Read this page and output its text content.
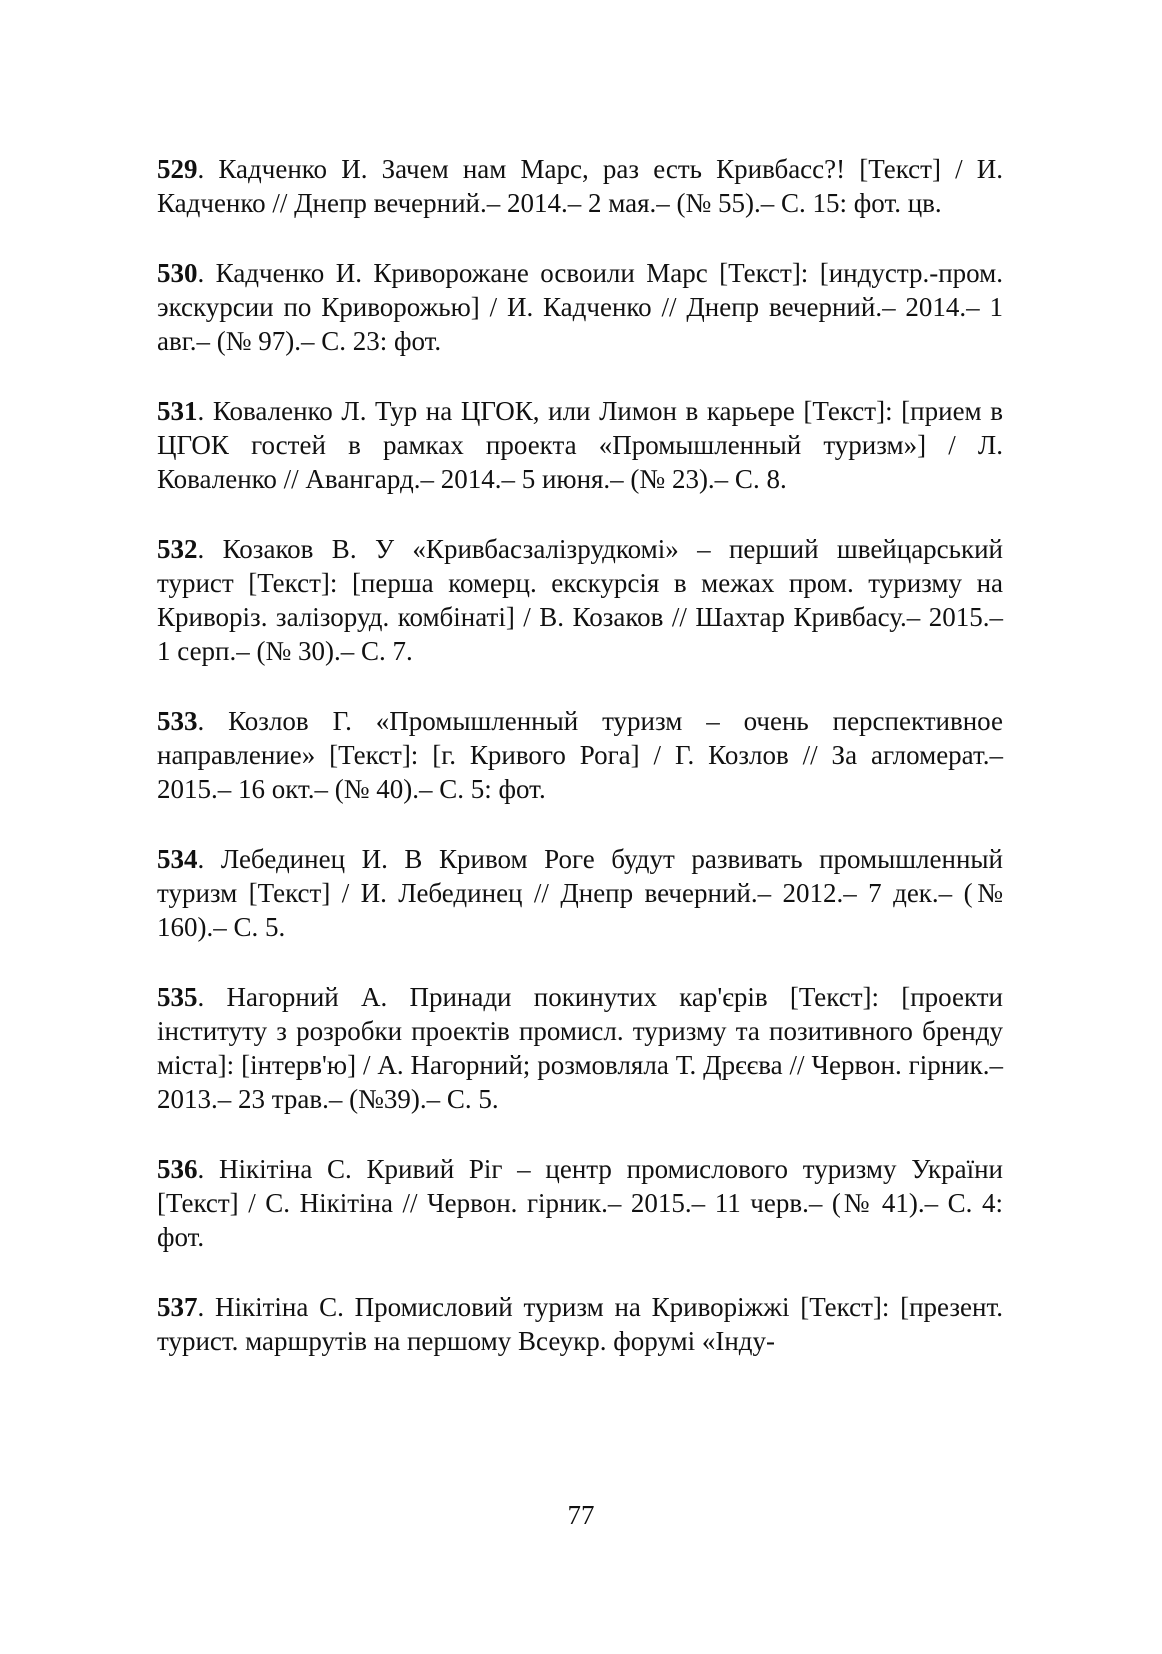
529. Кадченко И. Зачем нам Марс, раз есть Кривбасс?! [Текст] / И. Кадченко // Днепр вечерний.– 2014.– 2 мая.– (№ 55).– С. 15: фот. цв.

530. Кадченко И. Криворожане освоили Марс [Текст]: [индустр.-пром. экскурсии по Криворожью] / И. Кадченко // Днепр вечерний.– 2014.– 1 авг.– (№ 97).– С. 23: фот.

531. Коваленко Л. Тур на ЦГОК, или Лимон в карьере [Текст]: [прием в ЦГОК гостей в рамках проекта «Промышленный туризм»] / Л. Коваленко // Авангард.– 2014.– 5 июня.– (№ 23).– С. 8.

532. Козаков В. У «Кривбасзалізрудкомі» – перший швейцарський турист [Текст]: [перша комерц. екскурсія в межах пром. туризму на Криворіз. залізоруд. комбінаті] / В. Козаков // Шахтар Кривбасу.– 2015.– 1 серп.– (№ 30).– С. 7.

533. Козлов Г. «Промышленный туризм – очень перспективное направление» [Текст]: [г. Кривого Рога] / Г. Козлов // За агломерат.– 2015.– 16 окт.– (№ 40).– С. 5: фот.

534. Лебединец И. В Кривом Роге будут развивать промышленный туризм [Текст] / И. Лебединец // Днепр вечерний.– 2012.– 7 дек.– (№ 160).– С. 5.

535. Нагорний А. Принади покинутих кар'єрів [Текст]: [проекти інституту з розробки проектів промисл. туризму та позитивного бренду міста]: [інтерв'ю] / А. Нагорний; розмовляла Т. Дрєєва // Червон. гірник.– 2013.– 23 трав.– (№39).– С. 5.

536. Нікітіна С. Кривий Ріг – центр промислового туризму України [Текст] / С. Нікітіна // Червон. гірник.– 2015.– 11 черв.– (№ 41).– С. 4: фот.

537. Нікітіна С. Промисловий туризм на Криворіжжі [Текст]: [презент. турист. маршрутів на першому Всеукр. форумі «Інду-

77
